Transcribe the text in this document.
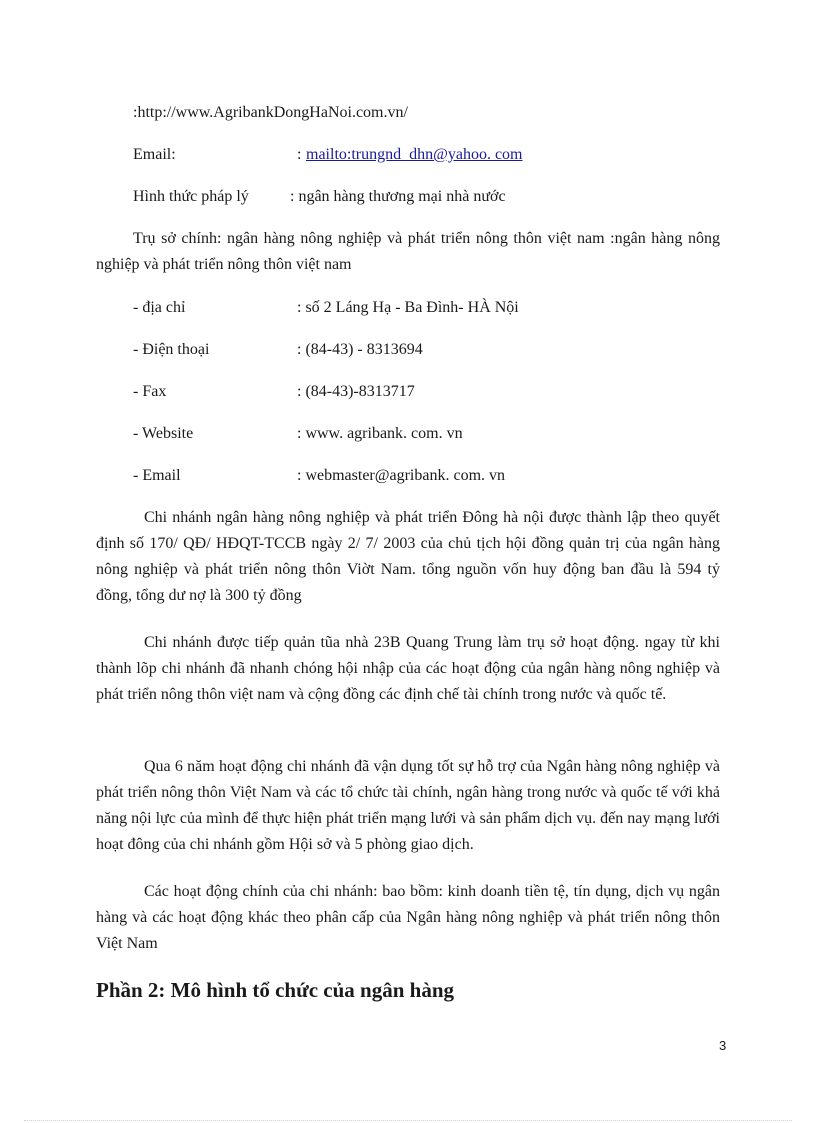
:http://www.AgribankDongHaNoi.com.vn/
Email:	: mailto:trungnd_dhn@yahoo. com
Hình thức pháp lý	: ngân hàng thương mại nhà nước
Trụ sở chính: ngân hàng nông nghiệp và phát triển nông thôn việt nam :ngân hàng nông nghiệp và phát triển nông thôn việt nam
- địa chỉ	: số 2 Láng Hạ - Ba Đình- HÀ Nội
- Điện thoại	: (84-43) - 8313694
- Fax	: (84-43)-8313717
- Website	: www. agribank. com. vn
- Email	: webmaster@agribank. com. vn
Chi nhánh ngân hàng nông nghiệp và phát triển Đông hà nội được thành lập theo quyết định số 170/ QĐ/ HĐQT-TCCB ngày 2/ 7/ 2003 của chủ tịch hội đồng quản trị của ngân hàng nông nghiệp và phát triển nông thôn Viờt Nam. tổng nguồn vốn huy động ban đầu là 594 tỷ đồng, tổng dư nợ là 300 tỷ đồng
Chi nhánh được tiếp quản tũa nhà 23B Quang Trung làm trụ sở hoạt động. ngay từ khi thành lõp chi nhánh đã nhanh chóng hội nhập của các hoạt động của ngân hàng nông nghiệp và phát triển nông thôn việt nam và cộng đồng các định chế tài chính trong nước và quốc tế.
Qua 6 năm hoạt động chi nhánh đã vận dụng tốt sự hỗ trợ của Ngân hàng nông nghiệp và phát triển nông thôn Việt Nam và các tổ chức tài chính, ngân hàng trong nước và quốc tế với khả năng nội lực của mình để thực hiện phát triển mạng lưới và sản phẩm dịch vụ. đến nay mạng lưới hoạt đông của chi nhánh gồm Hội sở và 5 phòng giao dịch.
Các hoạt động chính của chi nhánh: bao bồm: kinh doanh tiền tệ, tín dụng, dịch vụ ngân hàng và các hoạt động khác theo phân cấp của Ngân hàng nông nghiệp và phát triển nông thôn Việt Nam
Phần 2: Mô hình tổ chức của ngân hàng
3
